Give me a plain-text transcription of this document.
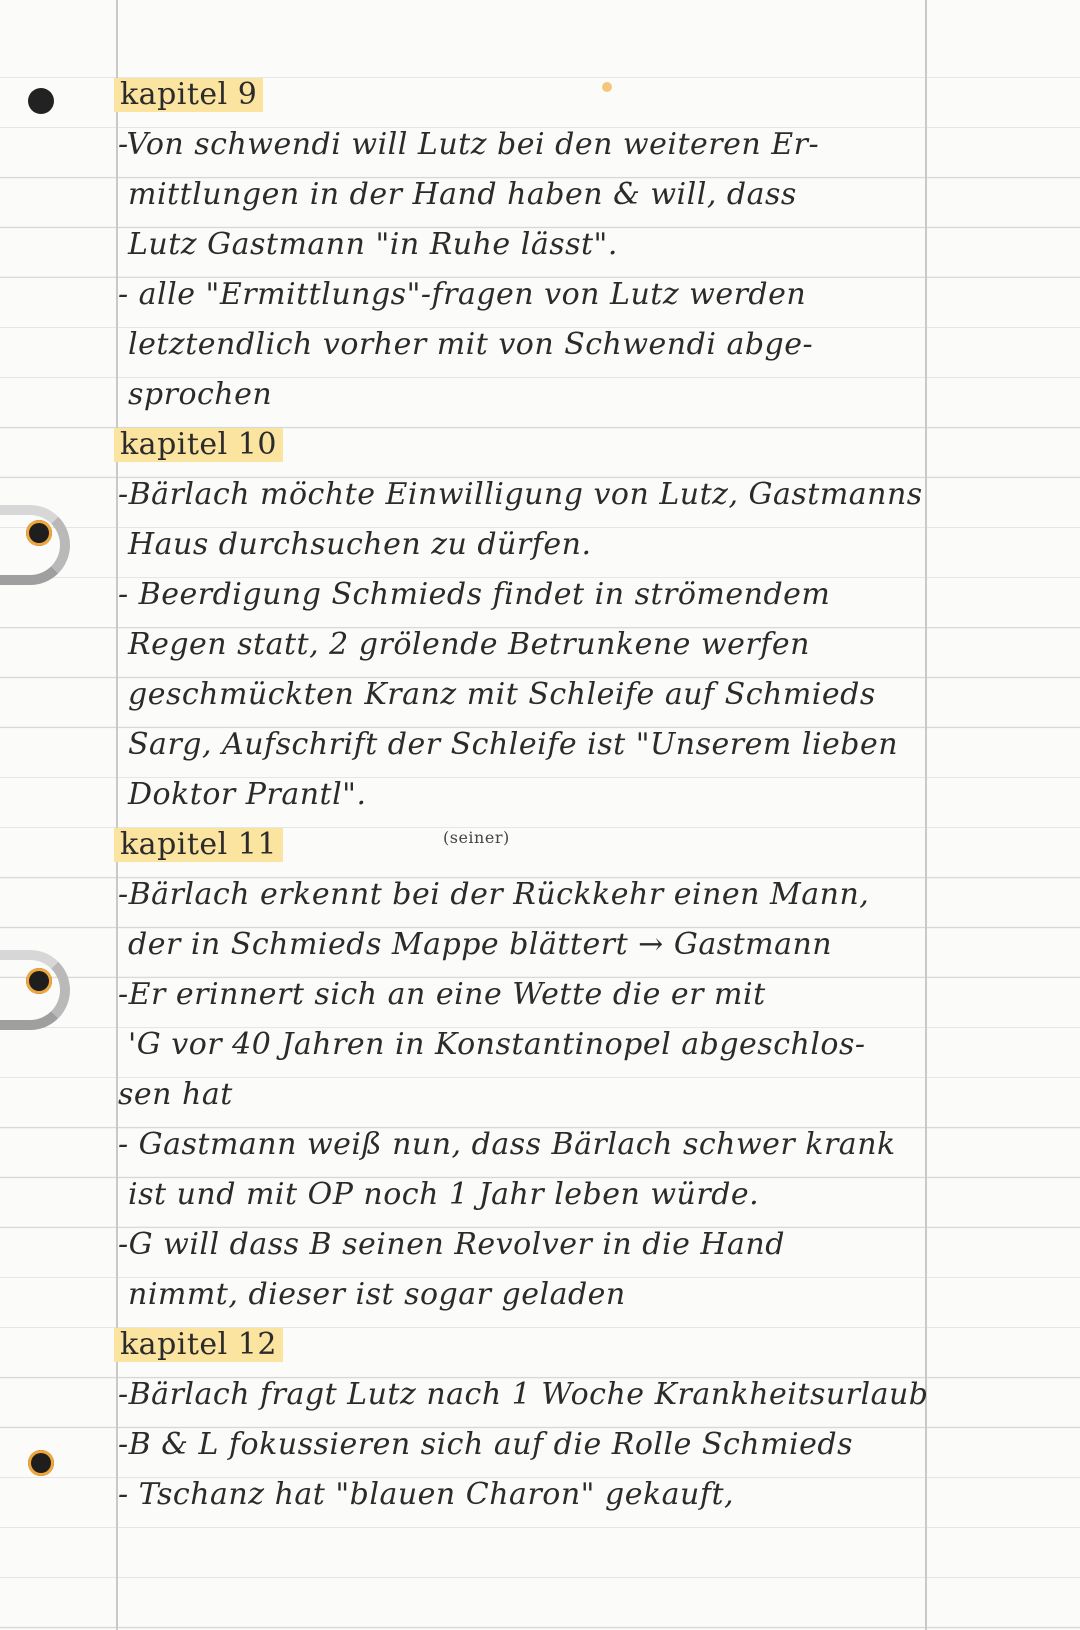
kapitel 9
-Von schwendi will Lutz bei den weiteren Er-
mittlungen in der Hand haben & will, dass
Lutz Gastmann "in Ruhe lässt".
- alle "Ermittlungs"-fragen von Lutz werden
letztendlich vorher mit von Schwendi abge-
sprochen
kapitel 10
-Bärlach möchte Einwilligung von Lutz, Gastmanns
Haus durchsuchen zu dürfen.
- Beerdigung Schmieds findet in strömendem
Regen statt, 2 grölende Betrunkene werfen
geschmückten Kranz mit Schleife auf Schmieds
Sarg, Aufschrift der Schleife ist "Unserem lieben
Doktor Prantl".
kapitel 11	(seiner)
-Bärlach erkennt bei der Rückkehr einen Mann,
der in Schmieds Mappe blättert → Gastmann
-Er erinnert sich an eine Wette die er mit
'G vor 40 Jahren in Konstantinopel abgeschlos-
sen hat
- Gastmann weiß nun, dass Bärlach schwer krank
ist und mit OP noch 1 Jahr leben würde.
-G will dass B seinen Revolver in die Hand
nimmt, dieser ist sogar geladen
kapitel 12
-Bärlach fragt Lutz nach 1 Woche Krankheitsurlaub
-B & L fokussieren sich auf die Rolle Schmieds
- Tschanz hat "blauen Charon" gekauft,
